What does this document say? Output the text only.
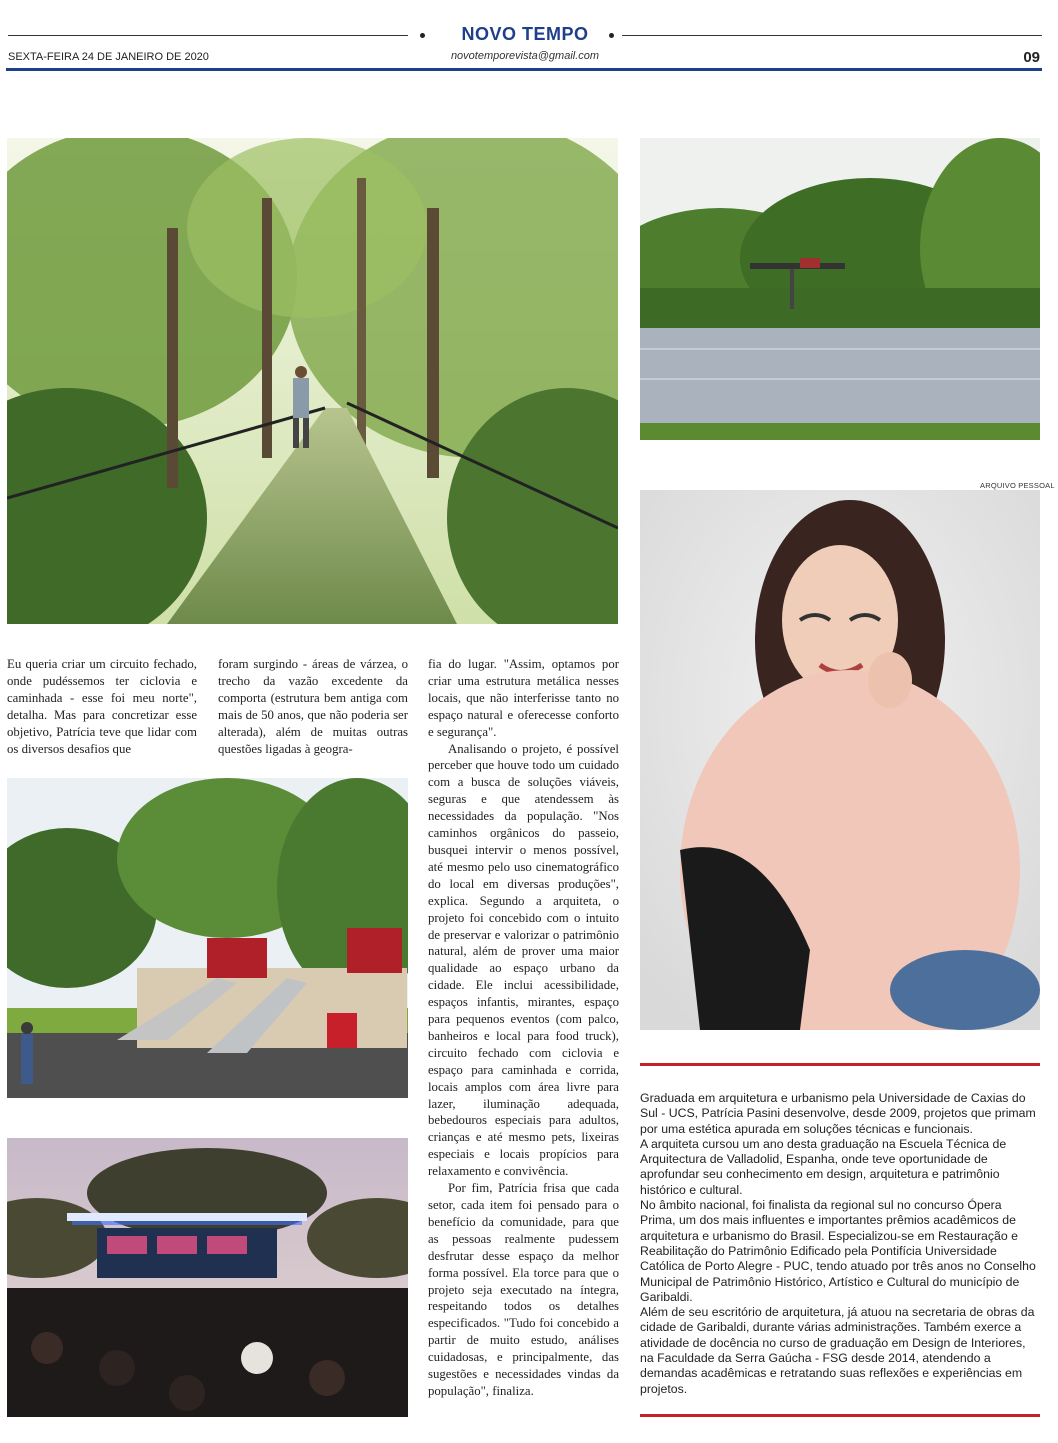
NOVO TEMPO
SEXTA-FEIRA 24 DE JANEIRO DE 2020	novotemporevista@gmail.com	09
ARQUIVO PESSOAL

Eu queria criar um circuito fechado, onde pudéssemos ter ciclovia e caminhada - esse foi meu norte", detalha. Mas para concretizar esse objetivo, Patrícia teve que lidar com os diversos desafios que

foram surgindo - áreas de várzea, o trecho da vazão excedente da comporta (estrutura bem antiga com mais de 50 anos, que não poderia ser alterada), além de muitas outras questões ligadas à geogra-

fia do lugar. "Assim, optamos por criar uma estrutura metálica nesses locais, que não interferisse tanto no espaço natural e oferecesse conforto e segurança".

Analisando o projeto, é possível perceber que houve todo um cuidado com a busca de soluções viáveis, seguras e que atendessem às necessidades da população. "Nos caminhos orgânicos do passeio, busquei intervir o menos possível, até mesmo pelo uso cinematográfico do local em diversas produções", explica. Segundo a arquiteta, o projeto foi concebido com o intuito de preservar e valorizar o patrimônio natural, além de prover uma maior qualidade ao espaço urbano da cidade. Ele inclui acessibilidade, espaços infantis, mirantes, espaço para pequenos eventos (com palco, banheiros e local para food truck), circuito fechado com ciclovia e espaço para caminhada e corrida, locais amplos com área livre para lazer, iluminação adequada, bebedouros especiais para adultos, crianças e até mesmo pets, lixeiras especiais e locais propícios para relaxamento e convivência.

Por fim, Patrícia frisa que cada setor, cada item foi pensado para o benefício da comunidade, para que as pessoas realmente pudessem desfrutar desse espaço da melhor forma possível. Ela torce para que o projeto seja executado na íntegra, respeitando todos os detalhes especificados. "Tudo foi concebido a partir de muito estudo, análises cuidadosas, e principalmente, das sugestões e necessidades vindas da população", finaliza.

Graduada em arquitetura e urbanismo pela Universidade de Caxias do Sul - UCS, Patrícia Pasini desenvolve, desde 2009, projetos que primam por uma estética apurada em soluções técnicas e funcionais.

A arquiteta cursou um ano desta graduação na Escuela Técnica de Arquitectura de Valladolid, Espanha, onde teve oportunidade de aprofundar seu conhecimento em design, arquitetura e patrimônio histórico e cultural.

No âmbito nacional, foi finalista da regional sul no concurso Ópera Prima, um dos mais influentes e importantes prêmios acadêmicos de arquitetura e urbanismo do Brasil. Especializou-se em Restauração e Reabilitação do Patrimônio Edificado pela Pontifícia Universidade Católica de Porto Alegre - PUC, tendo atuado por três anos no Conselho Municipal de Patrimônio Histórico, Artístico e Cultural do município de Garibaldi.

Além de seu escritório de arquitetura, já atuou na secretaria de obras da cidade de Garibaldi, durante várias administrações. Também exerce a atividade de docência no curso de graduação em Design de Interiores, na Faculdade da Serra Gaúcha - FSG desde 2014, atendendo a demandas acadêmicas e retratando suas reflexões e experiências em projetos.
